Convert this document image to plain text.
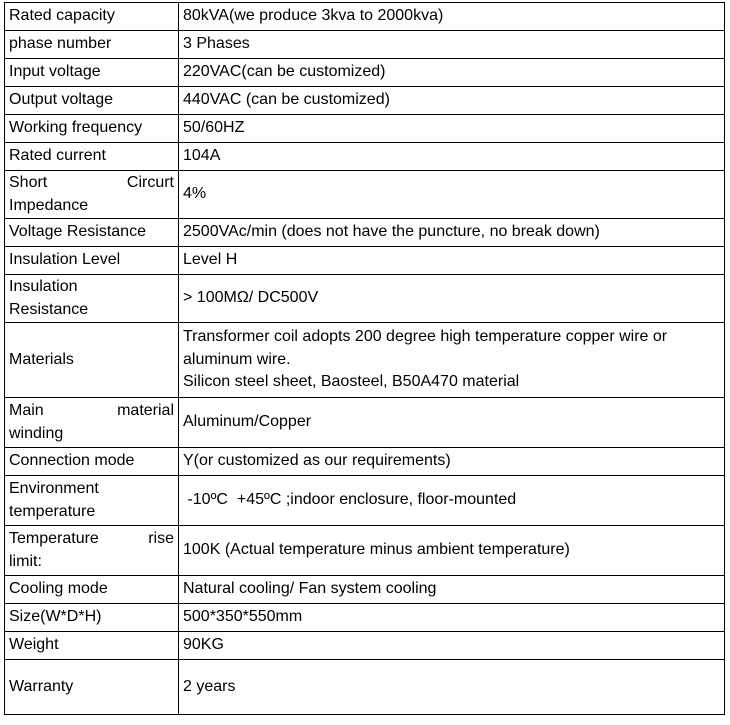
Rated capacity	80kVA(we produce 3kva to 2000kva)
phase number	3 Phases
Input voltage	220VAC(can be customized)
Output voltage	440VAC (can be customized)
Working frequency	50/60HZ
Rated current	104A

Short Circurt
Impedance	4%
Voltage Resistance	2500VAc/min (does not have the puncture, no break down)
Insulation Level	Level H

Insulation
Resistance	> 100MΩ/ DC500V
Materials	Transformer coil adopts 200 degree high temperature copper wire or
aluminum wire.
Silicon steel sheet, Baosteel, B50A470 material

Main material
winding	Aluminum/Copper
Connection mode	Y(or customized as our requirements)

Environment
temperature	-10ºC  +45ºC ;indoor enclosure, floor-mounted

Temperature rise
limit:	100K (Actual temperature minus ambient temperature)
Cooling mode	Natural cooling/ Fan system cooling
Size(W*D*H)	500*350*550mm
Weight	90KG
Warranty	2 years
